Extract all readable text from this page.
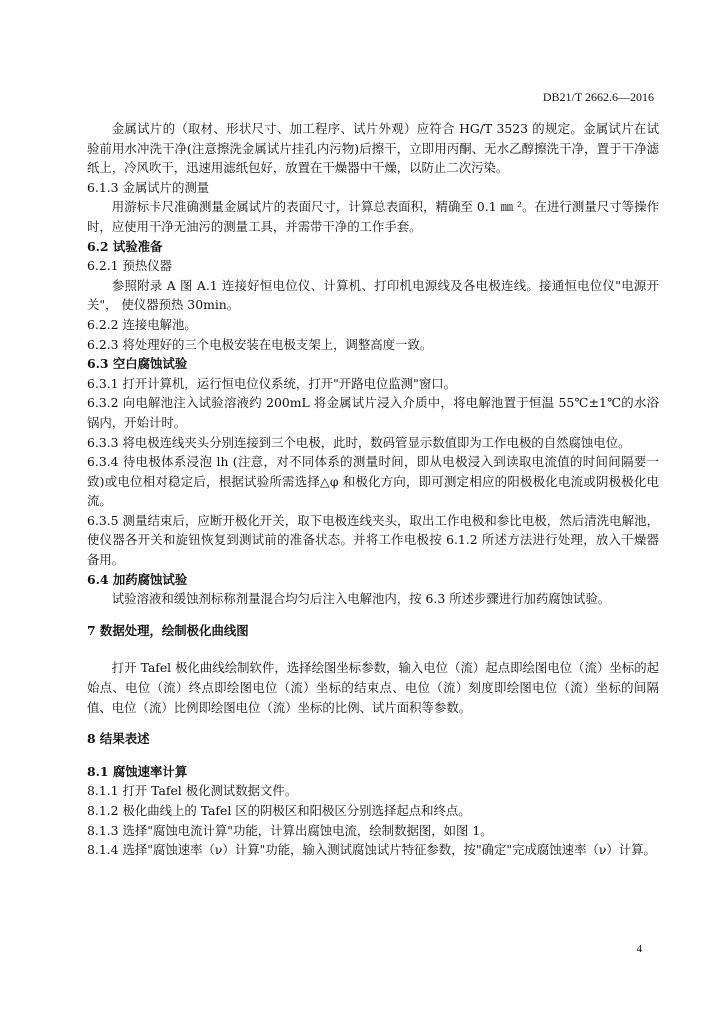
DB21/T 2662.6—2016

金属试片的（取材、形状尺寸、加工程序、试片外观）应符合 HG/T 3523 的规定。金属试片在试验前用水冲洗干净(注意擦洗金属试片挂孔内污物)后擦干，立即用丙酮、无水乙醇擦洗干净，置于干净滤纸上，冷风吹干，迅速用滤纸包好，放置在干燥器中干燥，以防止二次污染。

6.1.3 金属试片的测量

用游标卡尺准确测量金属试片的表面尺寸，计算总表面积，精确至 0.1 ㎜ ²。在进行测量尺寸等操作时，应使用干净无油污的测量工具，并需带干净的工作手套。

6.2 试验准备

6.2.1 预热仪器

参照附录 A 图 A.1 连接好恒电位仪、计算机、打印机电源线及各电极连线。接通恒电位仪"电源开关"， 使仪器预热 30min。

6.2.2 连接电解池。

6.2.3 将处理好的三个电极安装在电极支架上，调整高度一致。

6.3 空白腐蚀试验

6.3.1 打开计算机，运行恒电位仪系统，打开"开路电位监测"窗口。

6.3.2 向电解池注入试验溶液约 200mL 将金属试片浸入介质中，将电解池置于恒温 55℃±1℃的水浴锅内，开始计时。

6.3.3 将电极连线夹头分别连接到三个电极，此时，数码管显示数值即为工作电极的自然腐蚀电位。

6.3.4 待电极体系浸泡 lh (注意，对不同体系的测量时间，即从电极浸入到读取电流值的时间间隔要一致)或电位相对稳定后，根据试验所需选择△φ 和极化方向，即可测定相应的阳极极化电流或阴极极化电流。

6.3.5 测量结束后，应断开极化开关，取下电极连线夹头，取出工作电极和参比电极，然后清洗电解池，使仪器各开关和旋钮恢复到测试前的准备状态。并将工作电极按 6.1.2 所述方法进行处理，放入干燥器备用。

6.4 加药腐蚀试验

试验溶液和缓蚀剂标称剂量混合均匀后注入电解池内，按 6.3 所述步骤进行加药腐蚀试验。

7 数据处理，绘制极化曲线图

打开 Tafel 极化曲线绘制软件，选择绘图坐标参数，输入电位（流）起点即绘图电位（流）坐标的起始点、电位（流）终点即绘图电位（流）坐标的结束点、电位（流）刻度即绘图电位（流）坐标的间隔值、电位（流）比例即绘图电位（流）坐标的比例、试片面积等参数。

8 结果表述

8.1 腐蚀速率计算

8.1.1 打开 Tafel 极化测试数据文件。

8.1.2 极化曲线上的 Tafel 区的阴极区和阳极区分别选择起点和终点。

8.1.3 选择"腐蚀电流计算"功能，计算出腐蚀电流，绘制数据图，如图 1。

8.1.4 选择"腐蚀速率（ν）计算"功能，输入测试腐蚀试片特征参数，按"确定"完成腐蚀速率（ν）计算。

4
